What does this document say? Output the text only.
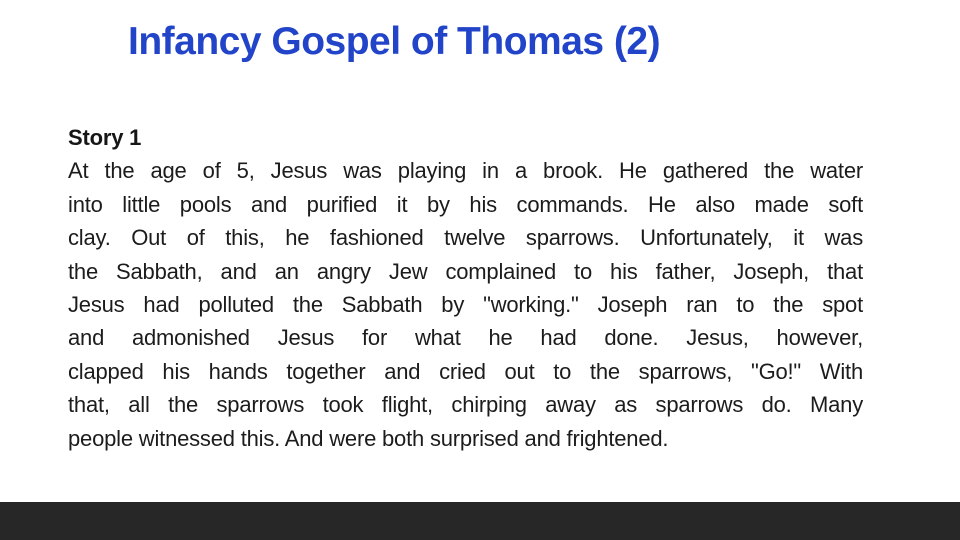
Infancy Gospel of Thomas (2)
Story 1
At the age of 5, Jesus was playing in a brook. He gathered the water
into little pools and purified it by his commands. He also made soft
clay. Out of this, he fashioned twelve sparrows. Unfortunately, it was
the Sabbath, and an angry Jew complained to his father, Joseph, that
Jesus had polluted the Sabbath by "working." Joseph ran to the spot
and admonished Jesus for what he had done. Jesus, however,
clapped his hands together and cried out to the sparrows, "Go!" With
that, all the sparrows took flight, chirping away as sparrows do. Many
people witnessed this. And were both surprised and frightened.
